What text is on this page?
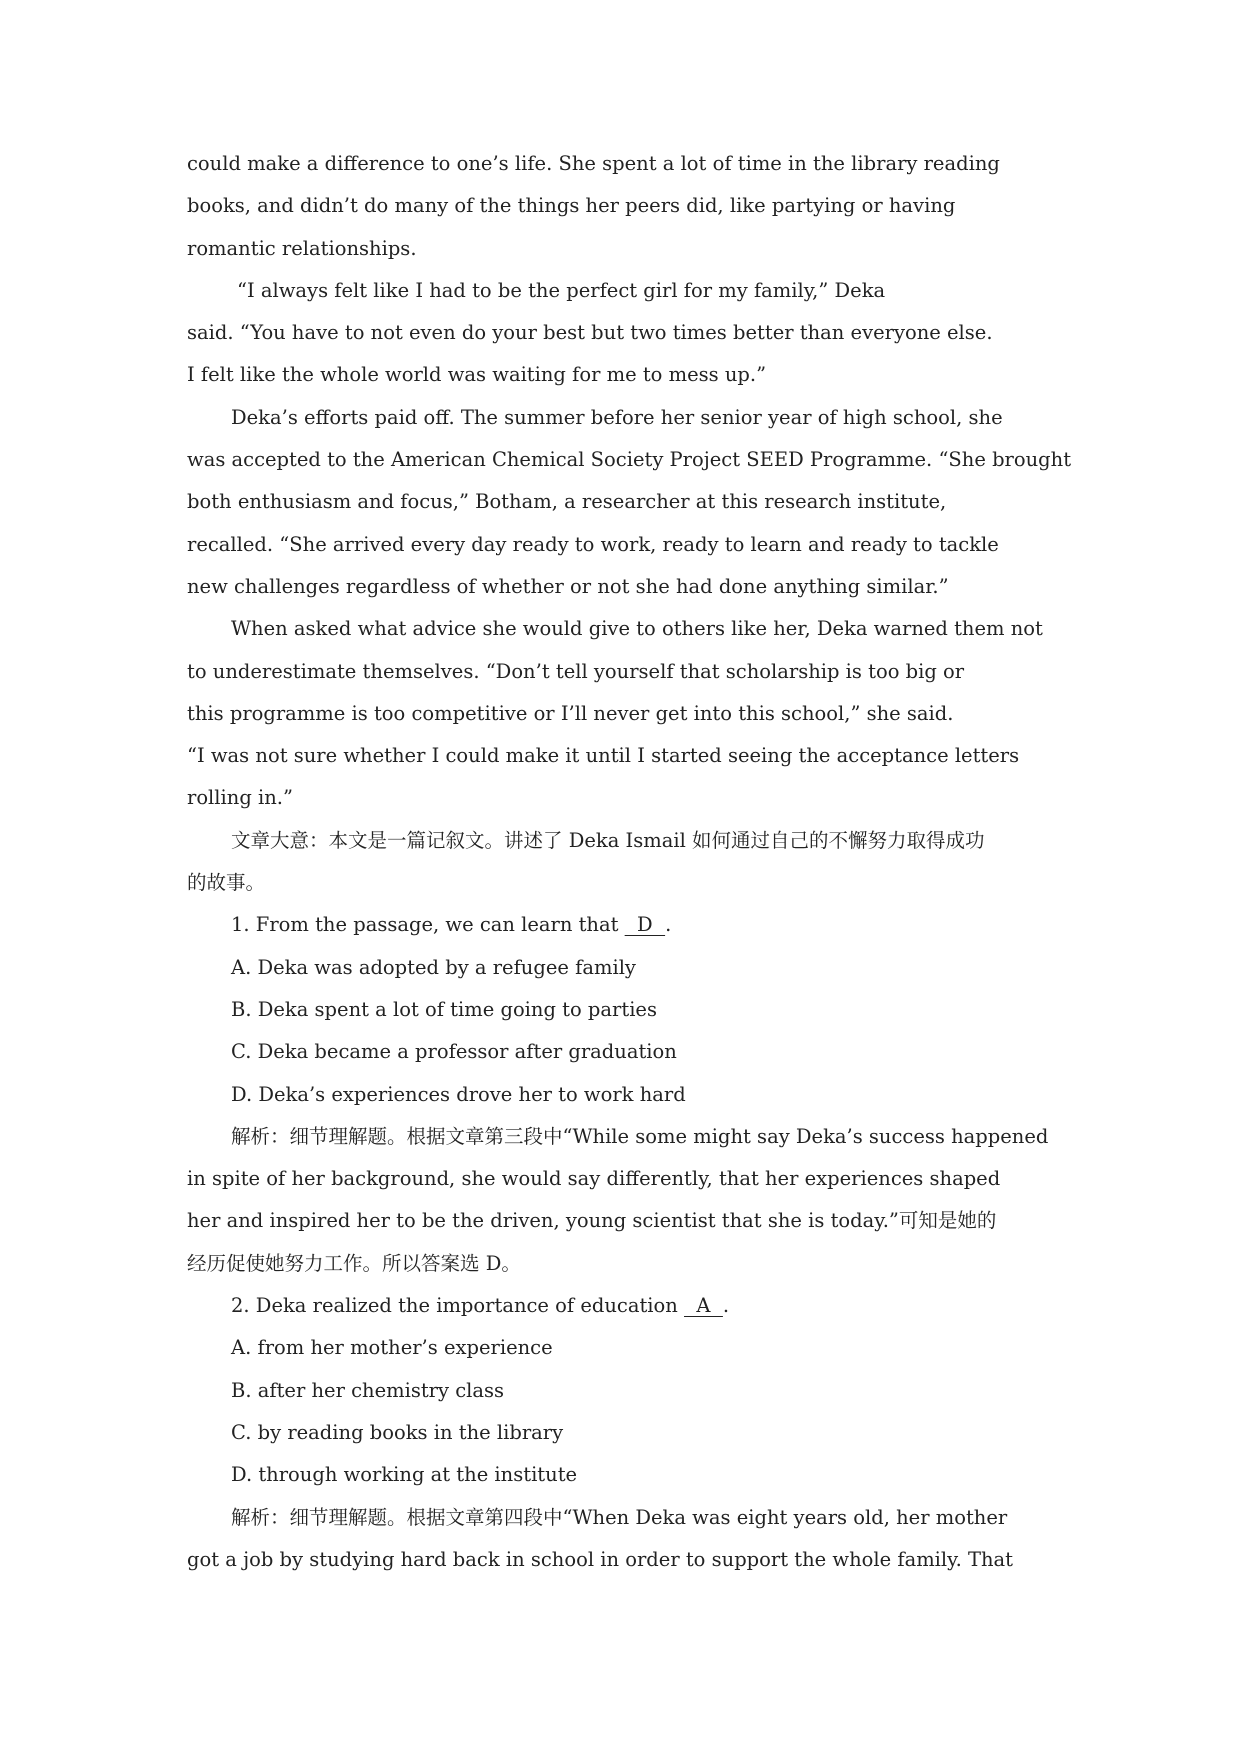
could make a difference to one’s life. She spent a lot of time in the library reading
books, and didn’t do many of the things her peers did, like partying or having
romantic relationships.
“I always felt like I had to be the perfect girl for my family,” Deka
said. “You have to not even do your best but two times better than everyone else.
I felt like the whole world was waiting for me to mess up.”
Deka’s efforts paid off. The summer before her senior year of high school, she
was accepted to the American Chemical Society Project SEED Programme. “She brought
both enthusiasm and focus,” Botham, a researcher at this research institute,
recalled. “She arrived every day ready to work, ready to learn and ready to tackle
new challenges regardless of whether or not she had done anything similar.”
When asked what advice she would give to others like her, Deka warned them not
to underestimate themselves. “Don’t tell yourself that scholarship is too big or
this programme is too competitive or I’ll never get into this school,” she said.
“I was not sure whether I could make it until I started seeing the acceptance letters
rolling in.”
文章大意：本文是一篇记叙文。讲述了 Deka Ismail 如何通过自己的不懈努力取得成功
的故事。
1. From the passage, we can learn that   D  .
A. Deka was adopted by a refugee family
B. Deka spent a lot of time going to parties
C. Deka became a professor after graduation
D. Deka’s experiences drove her to work hard
解析：细节理解题。根据文章第三段中“While some might say Deka’s success happened
in spite of her background, she would say differently, that her experiences shaped
her and inspired her to be the driven, young scientist that she is today.”可知是她的
经历促使她努力工作。所以答案选 D。
2. Deka realized the importance of education   A  .
A. from her mother’s experience
B. after her chemistry class
C. by reading books in the library
D. through working at the institute
解析：细节理解题。根据文章第四段中“When Deka was eight years old, her mother
got a job by studying hard back in school in order to support the whole family. That
